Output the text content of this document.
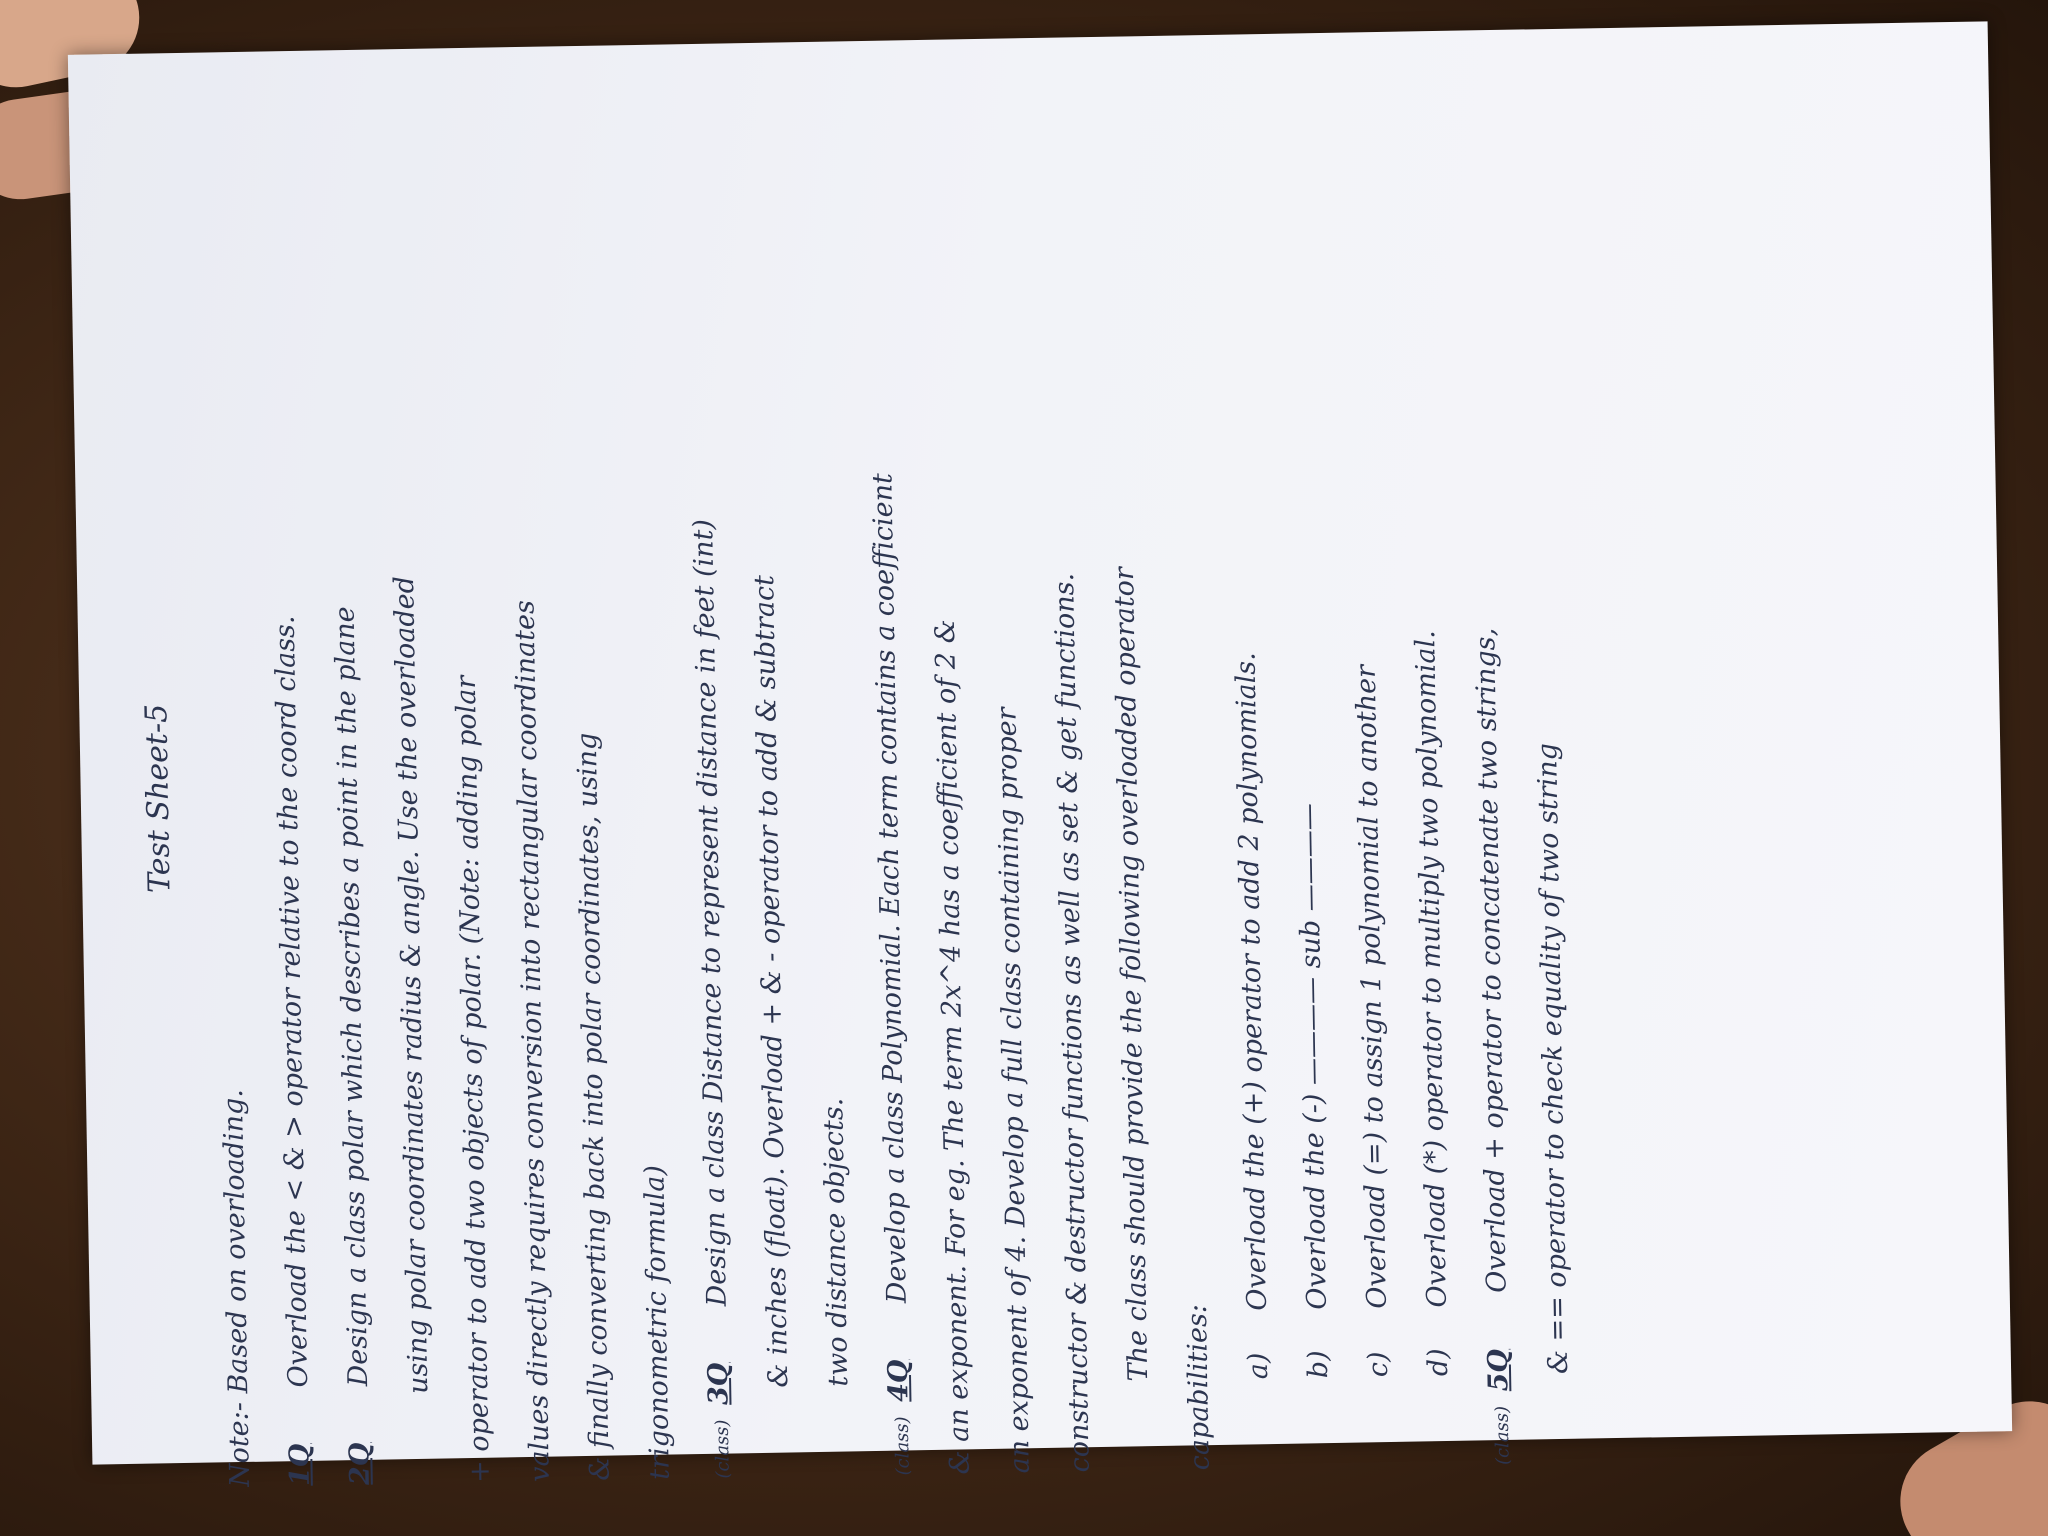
Test Sheet-5
Note:- Based on overloading.	1Q Overload the < & > operator relative to the coord class.
2Q Design a class polar which describes a point in the plane using polar coordinates radius & angle. Use the overloaded + operator to add two objects of polar. (Note: adding polar values directly requires conversion into rectangular coordinates & finally converting back into polar coordinates, using trigonometric formula)	(class) 3Q Design a class Distance to represent distance in feet (int) & inches (float). Overload + & - operator to add & subtract two distance objects.
(class) 4Q Develop a class Polynomial. Each term contains a coefficient & an exponent. For eg. The term 2x^4 has a coefficient of 2 & an exponent of 4. Develop a full class containing proper constructor & destructor functions as well as set & get functions. The class should provide the following overloaded operator
capabilities: a) Overload the (+) operator to add 2 polynomials.
b) Overload the (-) ———— sub ————
c) Overload (=) to assign 1 polynomial to another
d) Overload (*) operator to multiply two polynomial.
(class) 5Q Overload + operator to concatenate two strings, & == operator to check equality of two string
